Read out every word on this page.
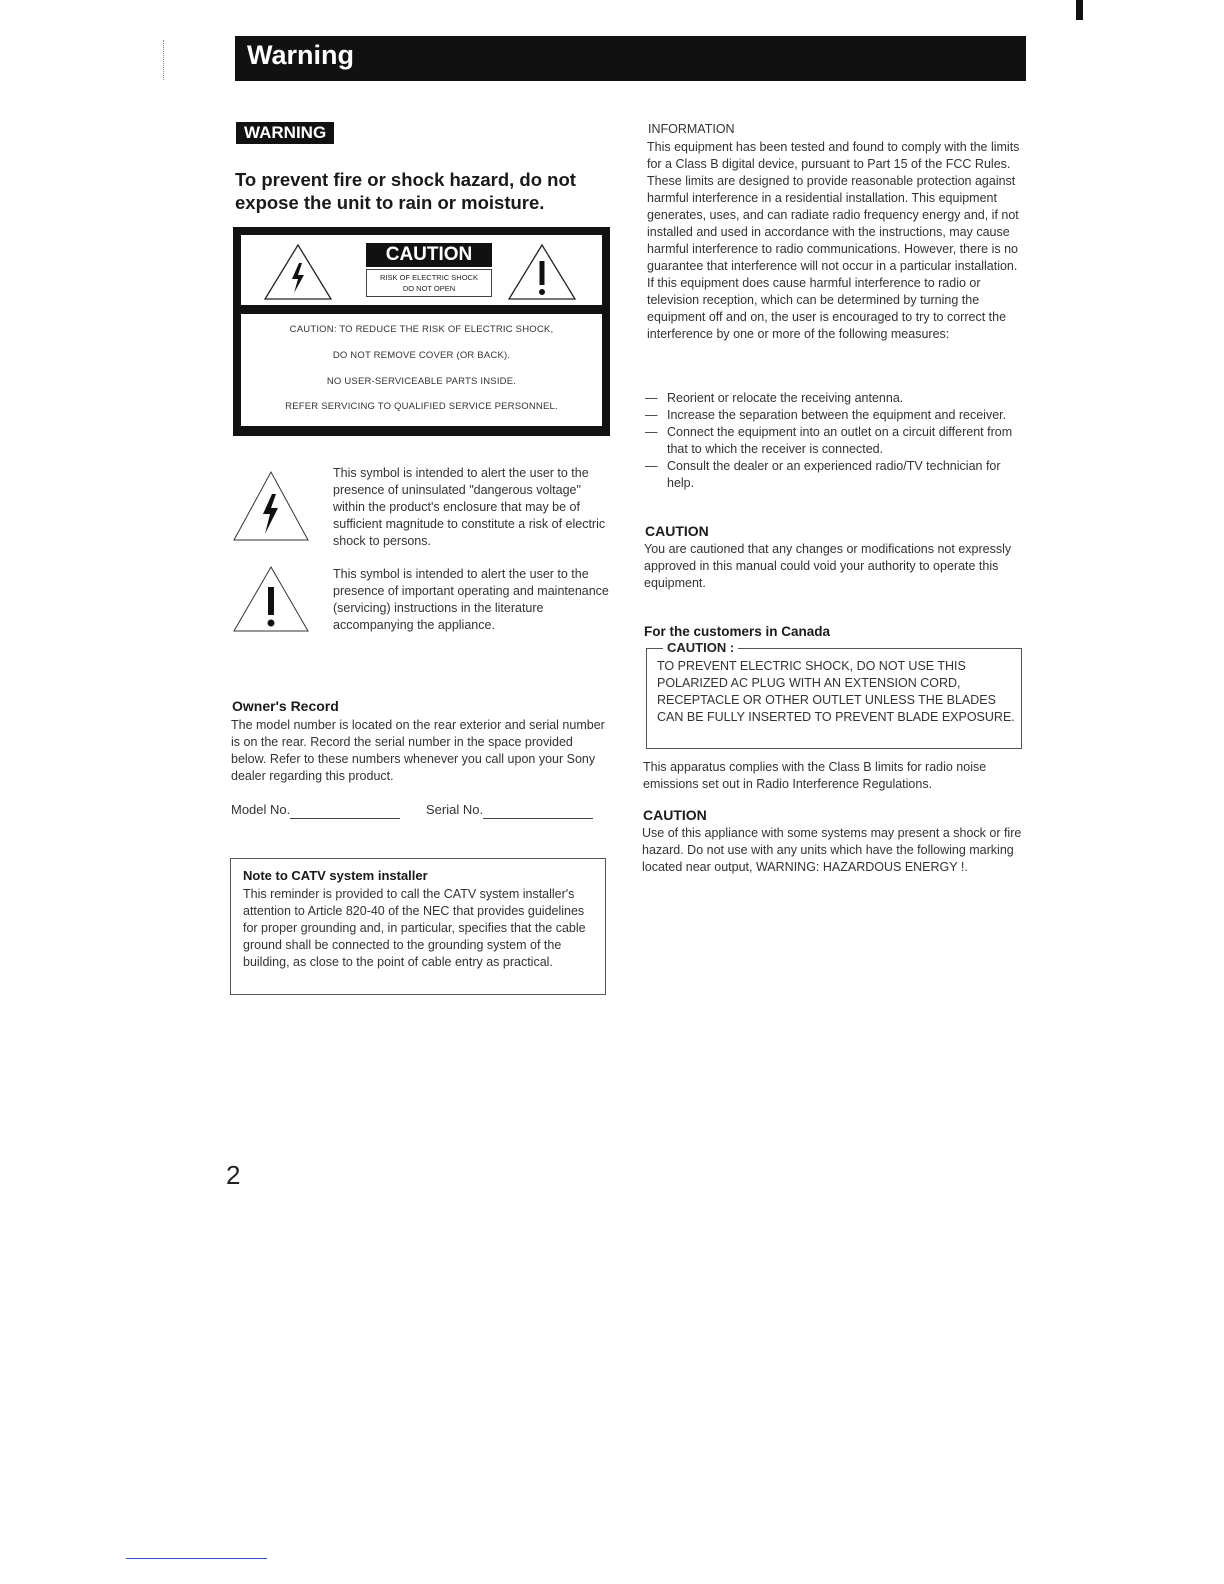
Warning
WARNING
To prevent fire or shock hazard, do not expose the unit to rain or moisture.
CAUTION
RISK OF ELECTRIC SHOCK
DO NOT OPEN
CAUTION: TO REDUCE THE RISK OF ELECTRIC SHOCK,
DO NOT REMOVE COVER (OR BACK).
NO USER-SERVICEABLE PARTS INSIDE.
REFER SERVICING TO QUALIFIED SERVICE PERSONNEL.
This symbol is intended to alert the user to the presence of uninsulated "dangerous voltage" within the product's enclosure that may be of sufficient magnitude to constitute a risk of electric shock to persons.
This symbol is intended to alert the user to the presence of important operating and maintenance (servicing) instructions in the literature accompanying the appliance.
Owner's Record
The model number is located on the rear exterior and serial number is on the rear. Record the serial number in the space provided below. Refer to these numbers whenever you call upon your Sony dealer regarding this product.
Model No.	Serial No.
Note to CATV system installer
This reminder is provided to call the CATV system installer's attention to Article 820-40 of the NEC that provides guidelines for proper grounding and, in particular, specifies that the cable ground shall be connected to the grounding system of the building, as close to the point of cable entry as practical.
2
INFORMATION
This equipment has been tested and found to comply with the limits for a Class B digital device, pursuant to Part 15 of the FCC Rules. These limits are designed to provide reasonable protection against harmful interference in a residential installation. This equipment generates, uses, and can radiate radio frequency energy and, if not installed and used in accordance with the instructions, may cause harmful interference to radio communications. However, there is no guarantee that interference will not occur in a particular installation. If this equipment does cause harmful interference to radio or television reception, which can be determined by turning the equipment off and on, the user is encouraged to try to correct the interference by one or more of the following measures:
— Reorient or relocate the receiving antenna.
— Increase the separation between the equipment and receiver.
— Connect the equipment into an outlet on a circuit different from that to which the receiver is connected.
— Consult the dealer or an experienced radio/TV technician for help.
CAUTION
You are cautioned that any changes or modifications not expressly approved in this manual could void your authority to operate this equipment.
For the customers in Canada
CAUTION :
TO PREVENT ELECTRIC SHOCK, DO NOT USE THIS POLARIZED AC PLUG WITH AN EXTENSION CORD, RECEPTACLE OR OTHER OUTLET UNLESS THE BLADES CAN BE FULLY INSERTED TO PREVENT BLADE EXPOSURE.
This apparatus complies with the Class B limits for radio noise emissions set out in Radio Interference Regulations.
CAUTION
Use of this appliance with some systems may present a shock or fire hazard. Do not use with any units which have the following marking located near output, WARNING: HAZARDOUS ENERGY !.
